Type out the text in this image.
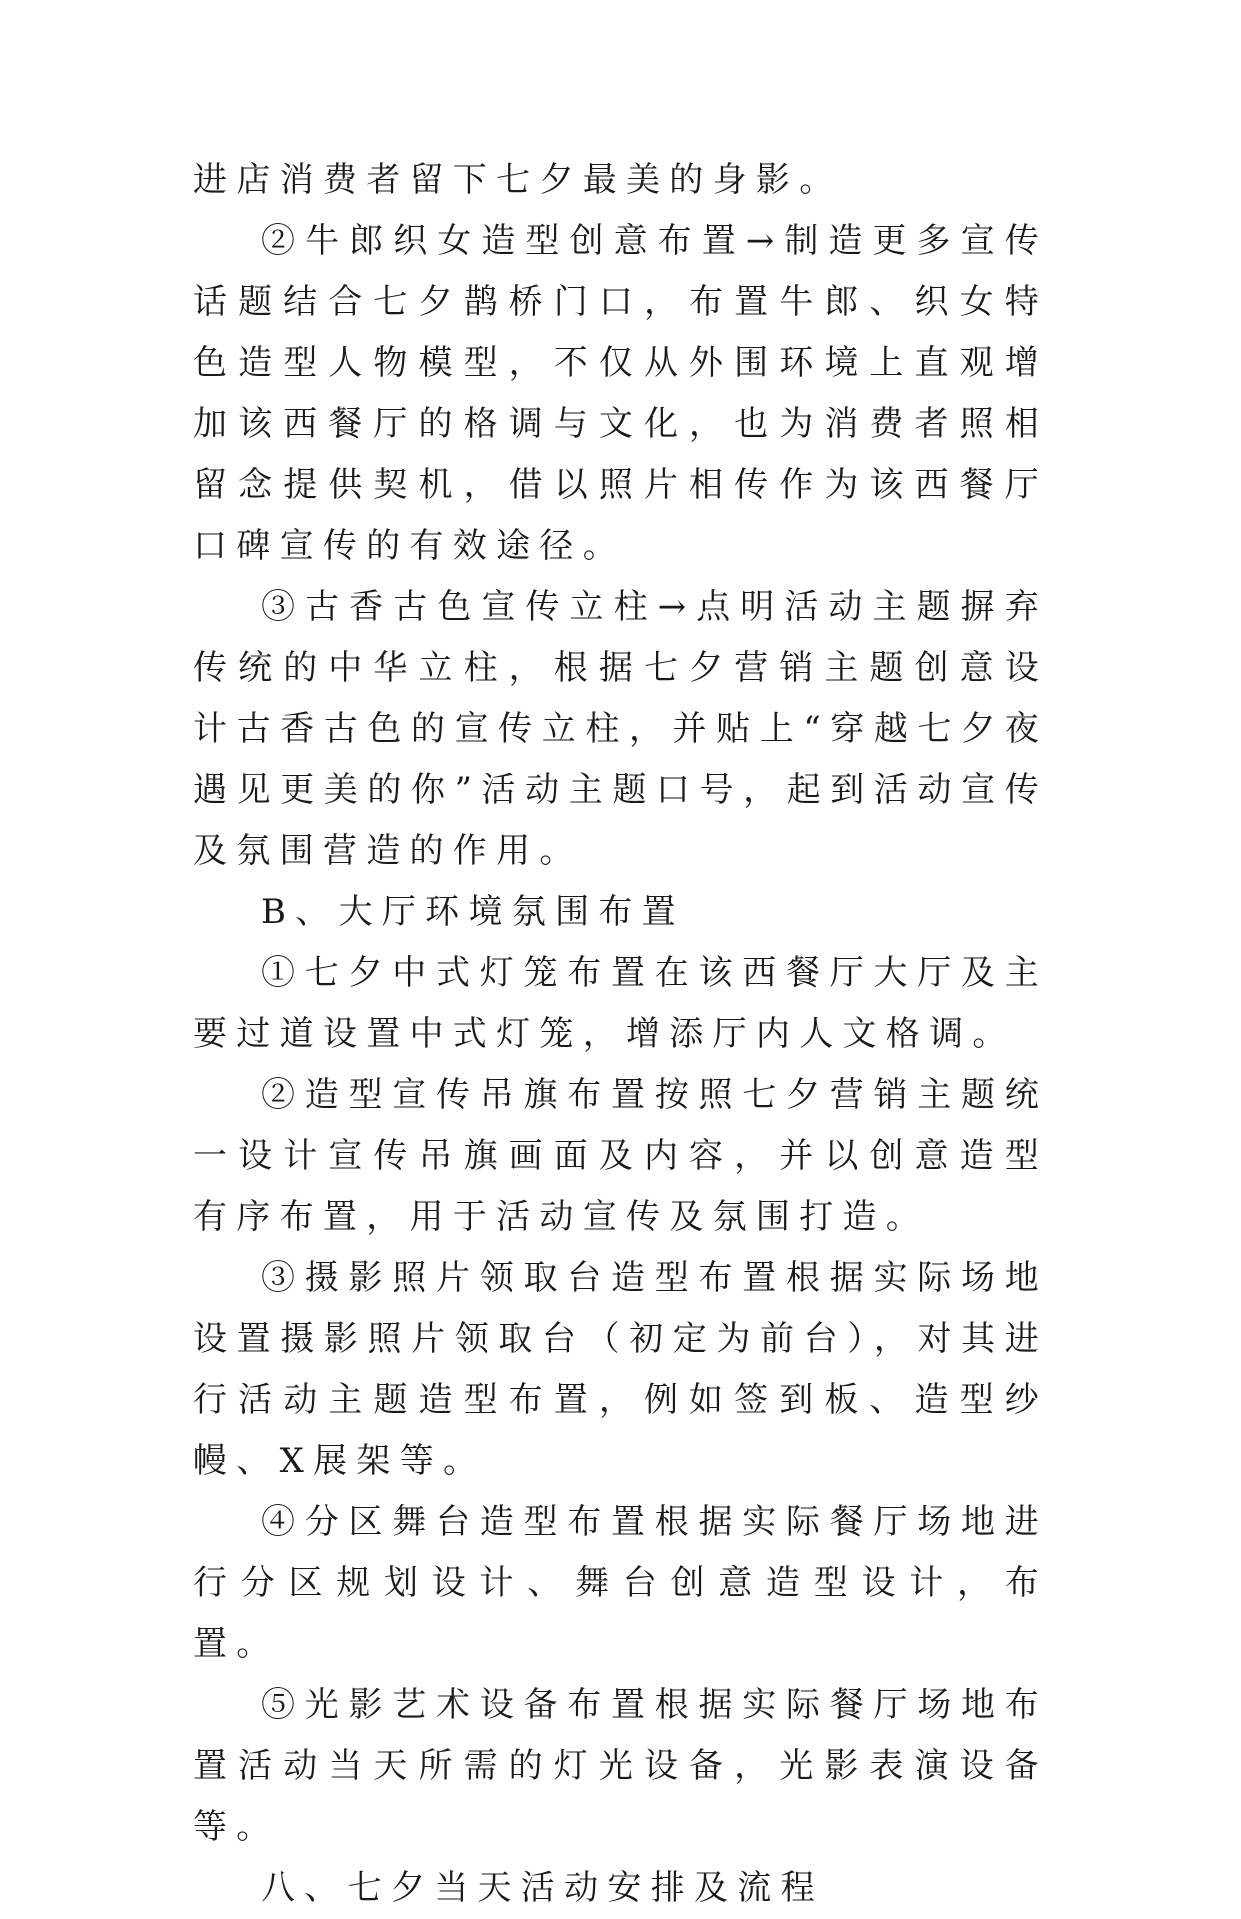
进店消费者留下七夕最美的身影。

②牛郎织女造型创意布置→制造更多宣传话题结合七夕鹊桥门口，布置牛郎、织女特色造型人物模型，不仅从外围环境上直观增加该西餐厅的格调与文化，也为消费者照相留念提供契机，借以照片相传作为该西餐厅口碑宣传的有效途径。

③古香古色宣传立柱→点明活动主题摒弃传统的中华立柱，根据七夕营销主题创意设计古香古色的宣传立柱，并贴上“穿越七夕夜遇见更美的你”活动主题口号，起到活动宣传及氛围营造的作用。

B、大厅环境氛围布置

①七夕中式灯笼布置在该西餐厅大厅及主要过道设置中式灯笼，增添厅内人文格调。

②造型宣传吊旗布置按照七夕营销主题统一设计宣传吊旗画面及内容，并以创意造型有序布置，用于活动宣传及氛围打造。

③摄影照片领取台造型布置根据实际场地设置摄影照片领取台（初定为前台），对其进行活动主题造型布置，例如签到板、造型纱幔、X展架等。

④分区舞台造型布置根据实际餐厅场地进行分区规划设计、舞台创意造型设计，布置。

⑤光影艺术设备布置根据实际餐厅场地布置活动当天所需的灯光设备，光影表演设备等。

八、七夕当天活动安排及流程
